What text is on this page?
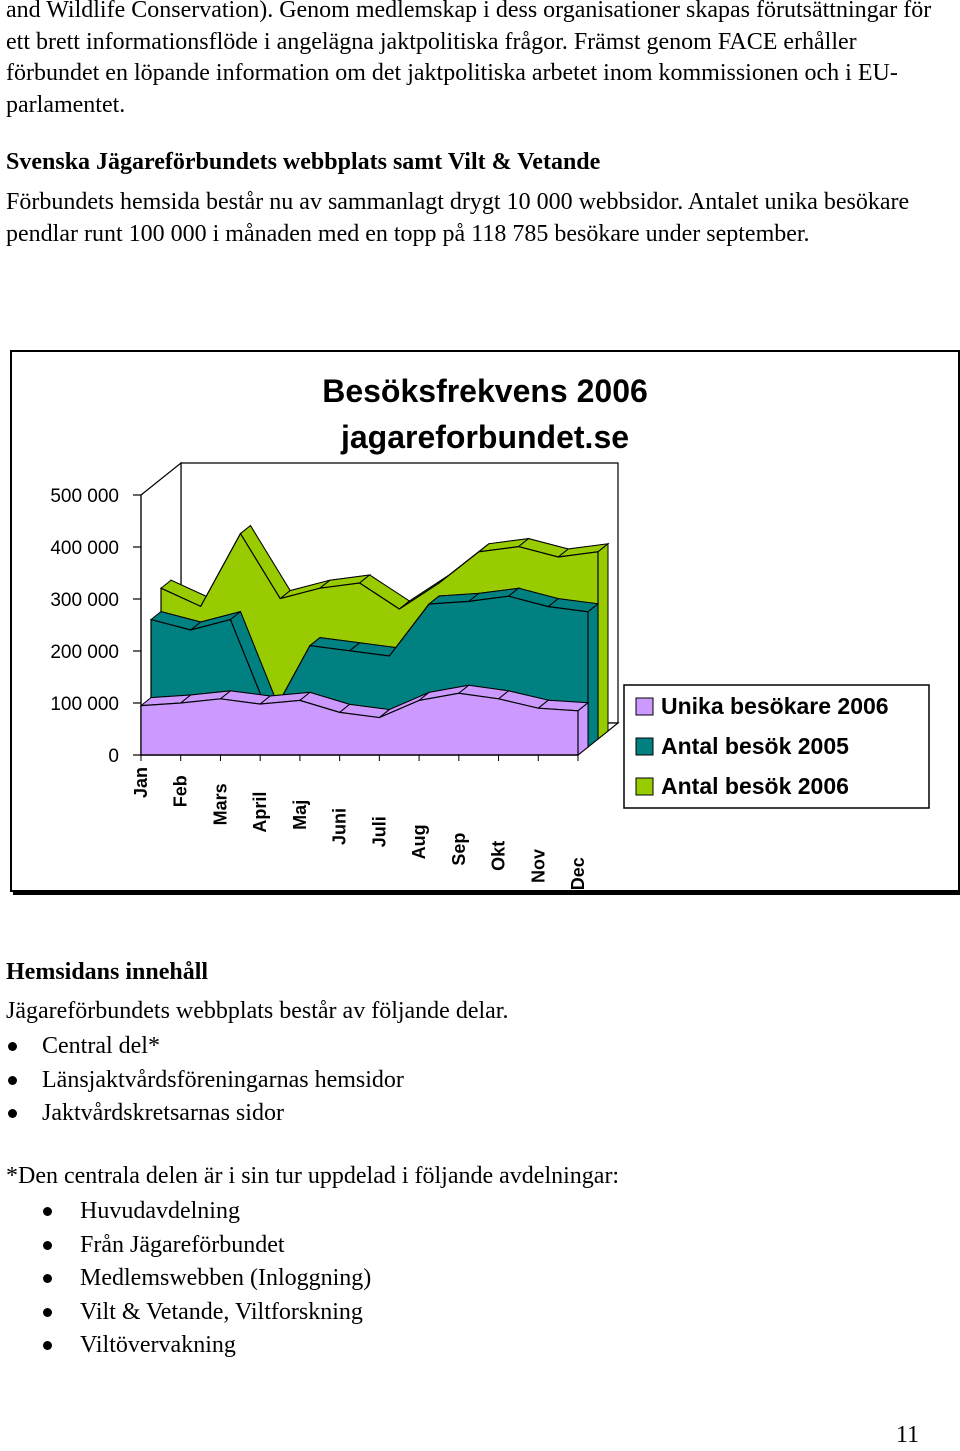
and Wildlife Conservation). Genom medlemskap i dess organisationer skapas förutsättningar för ett brett informationsflöde i angelägna jaktpolitiska frågor. Främst genom FACE erhåller förbundet en löpande information om det jaktpolitiska arbetet inom kommissionen och i EU-parlamentet.

Svenska Jägareförbundets webbplats samt Vilt & Vetande

Förbundets hemsida består nu av sammanlagt drygt 10 000 webbsidor. Antalet unika besökare pendlar runt 100 000 i månaden med en topp på 118 785 besökare under september.

Besöksfrekvens 2006
jagareforbundet.se
0
100 000
200 000
300 000
400 000
500 000
Jan Feb Mars April Maj Juni Juli Aug Sep Okt Nov Dec
Unika besökare 2006
Antal besök 2005
Antal besök 2006

Hemsidans innehåll

Jägareförbundets webbplats består av följande delar.

Central del*
Länsjaktvårdsföreningarnas hemsidor
Jaktvårdskretsarnas sidor

*Den centrala delen är i sin tur uppdelad i följande avdelningar:

Huvudavdelning
Från Jägareförbundet
Medlemswebben (Inloggning)
Vilt & Vetande, Viltforskning
Viltövervakning
11
